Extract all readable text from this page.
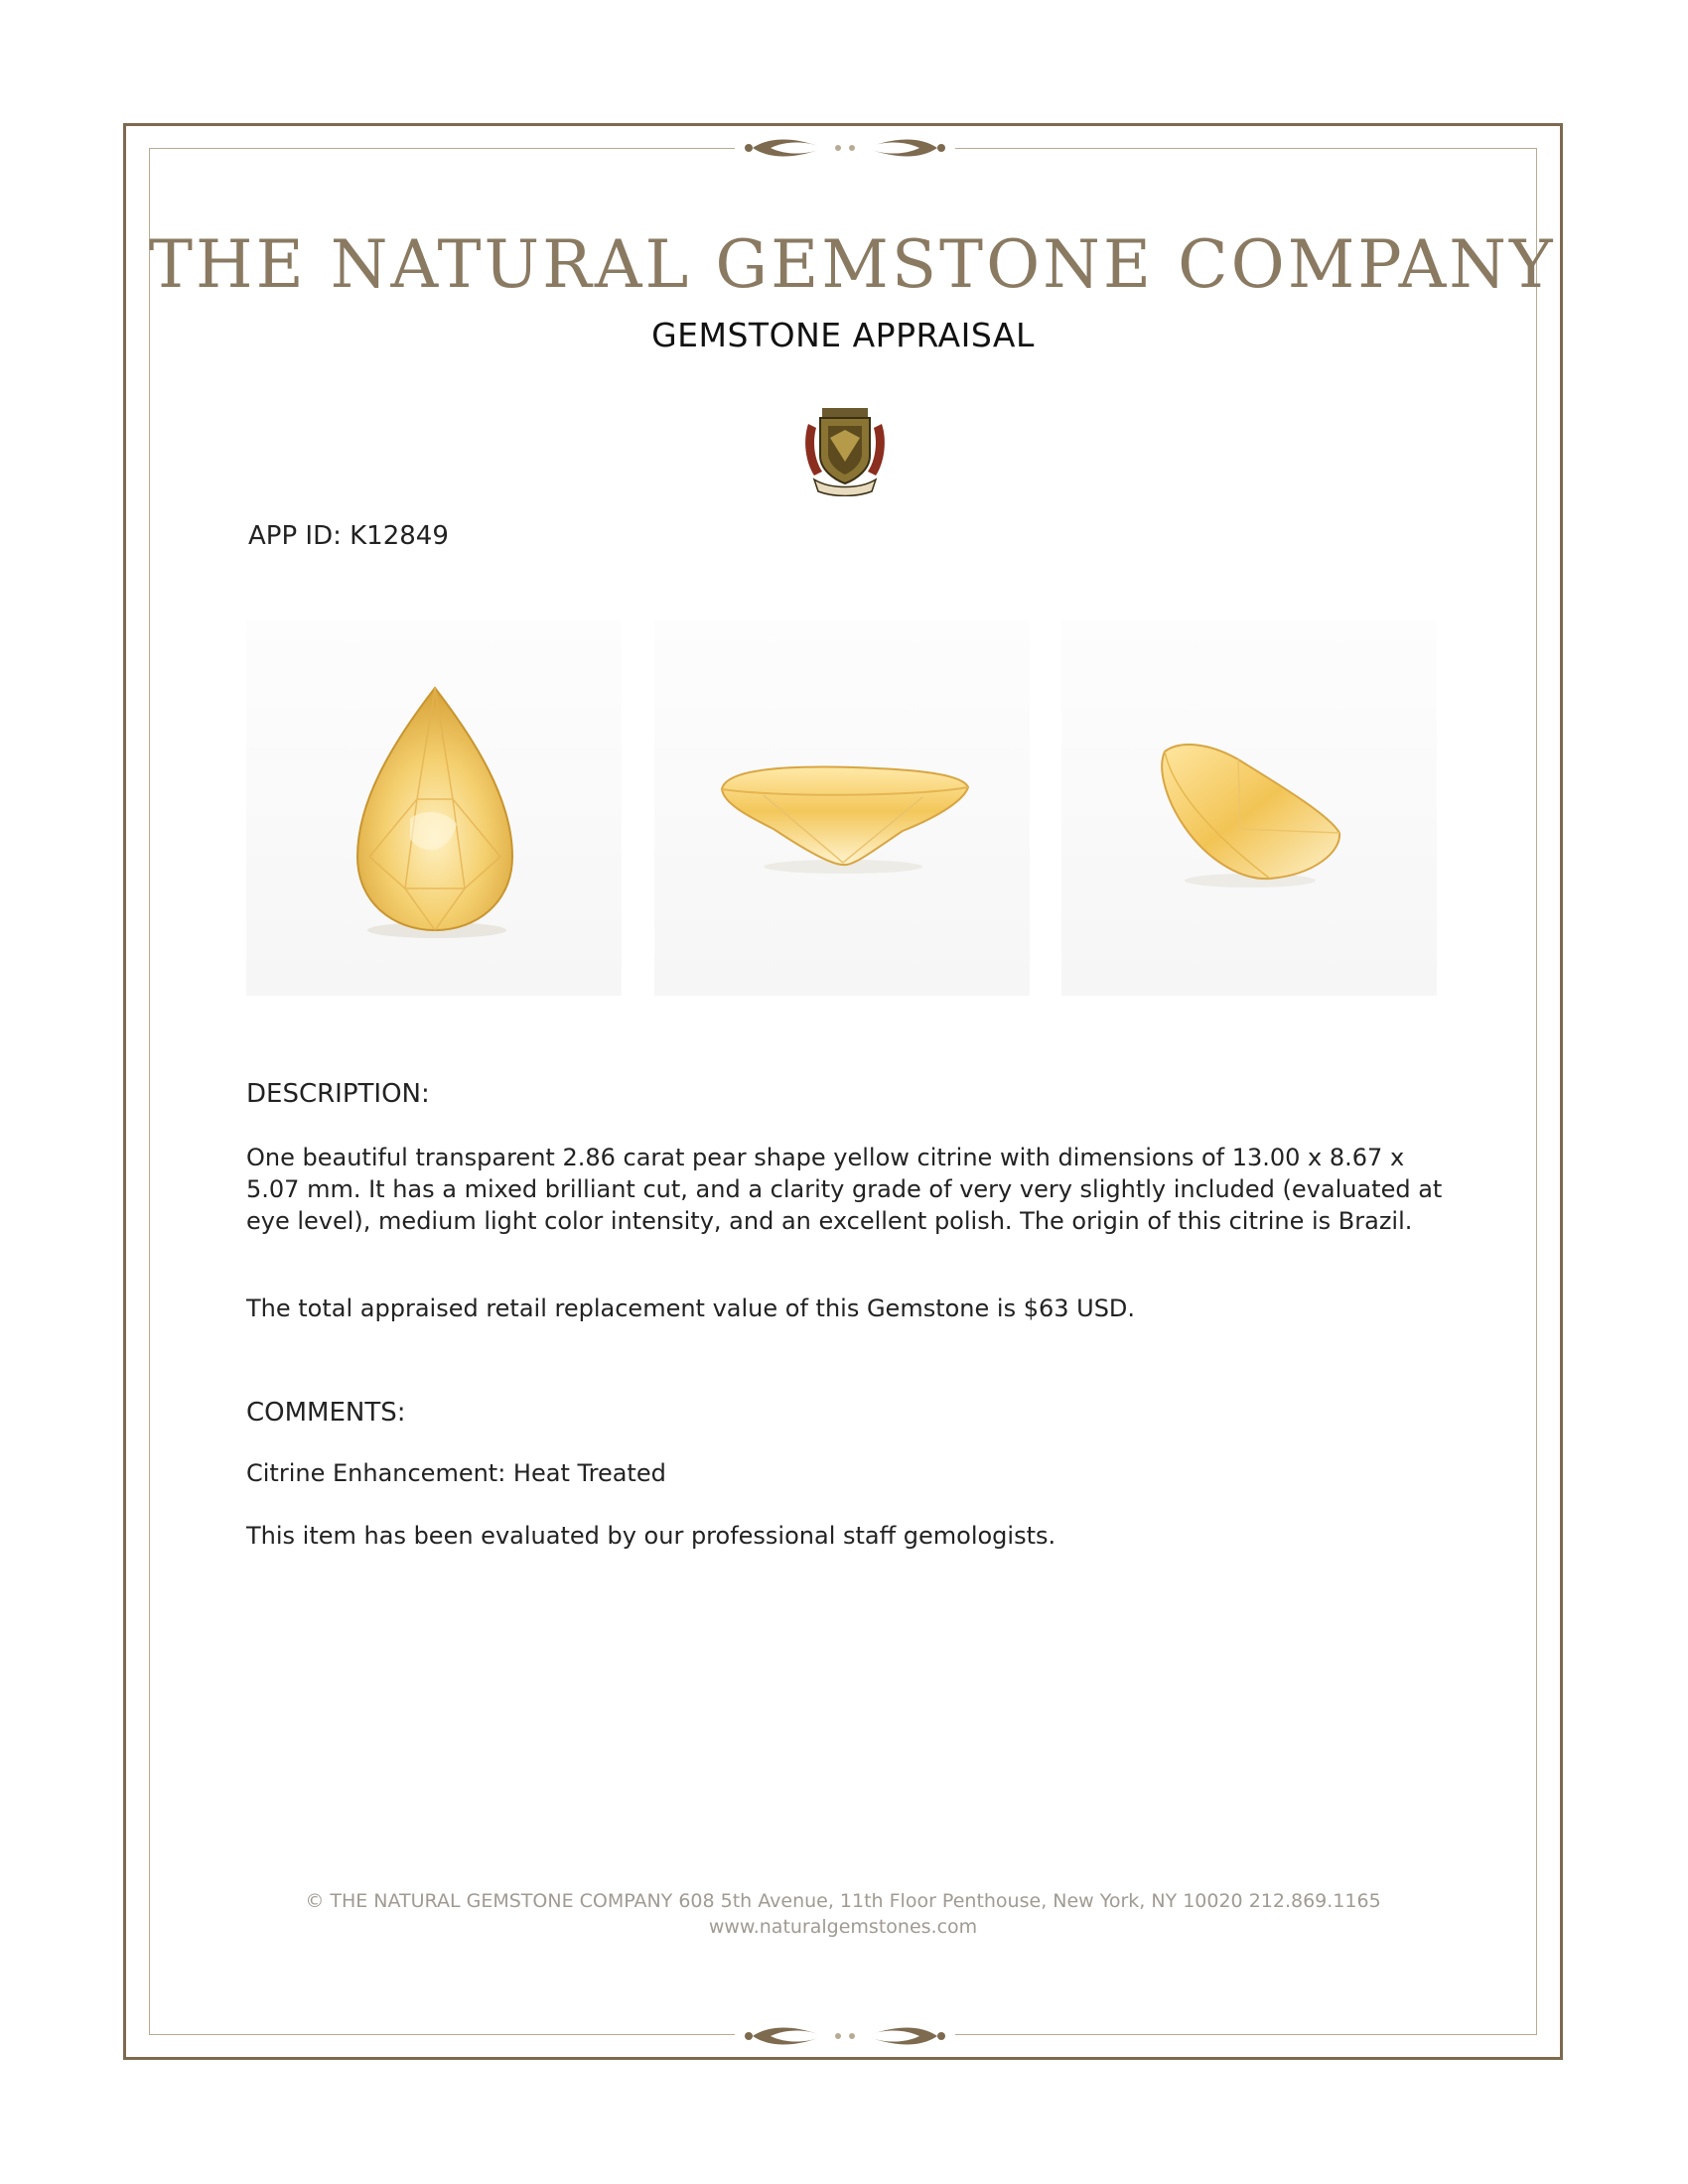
THE NATURAL GEMSTONE COMPANY
GEMSTONE APPRAISAL
APP ID: K12849
DESCRIPTION:
One beautiful transparent 2.86 carat pear shape yellow citrine with dimensions of 13.00 x 8.67 x 5.07 mm. It has a mixed brilliant cut, and a clarity grade of very very slightly included (evaluated at eye level), medium light color intensity, and an excellent polish. The origin of this citrine is Brazil.
The total appraised retail replacement value of this Gemstone is $63 USD.
COMMENTS:
Citrine Enhancement: Heat Treated
This item has been evaluated by our professional staff gemologists.
© THE NATURAL GEMSTONE COMPANY 608 5th Avenue, 11th Floor Penthouse, New York, NY 10020 212.869.1165
www.naturalgemstones.com
